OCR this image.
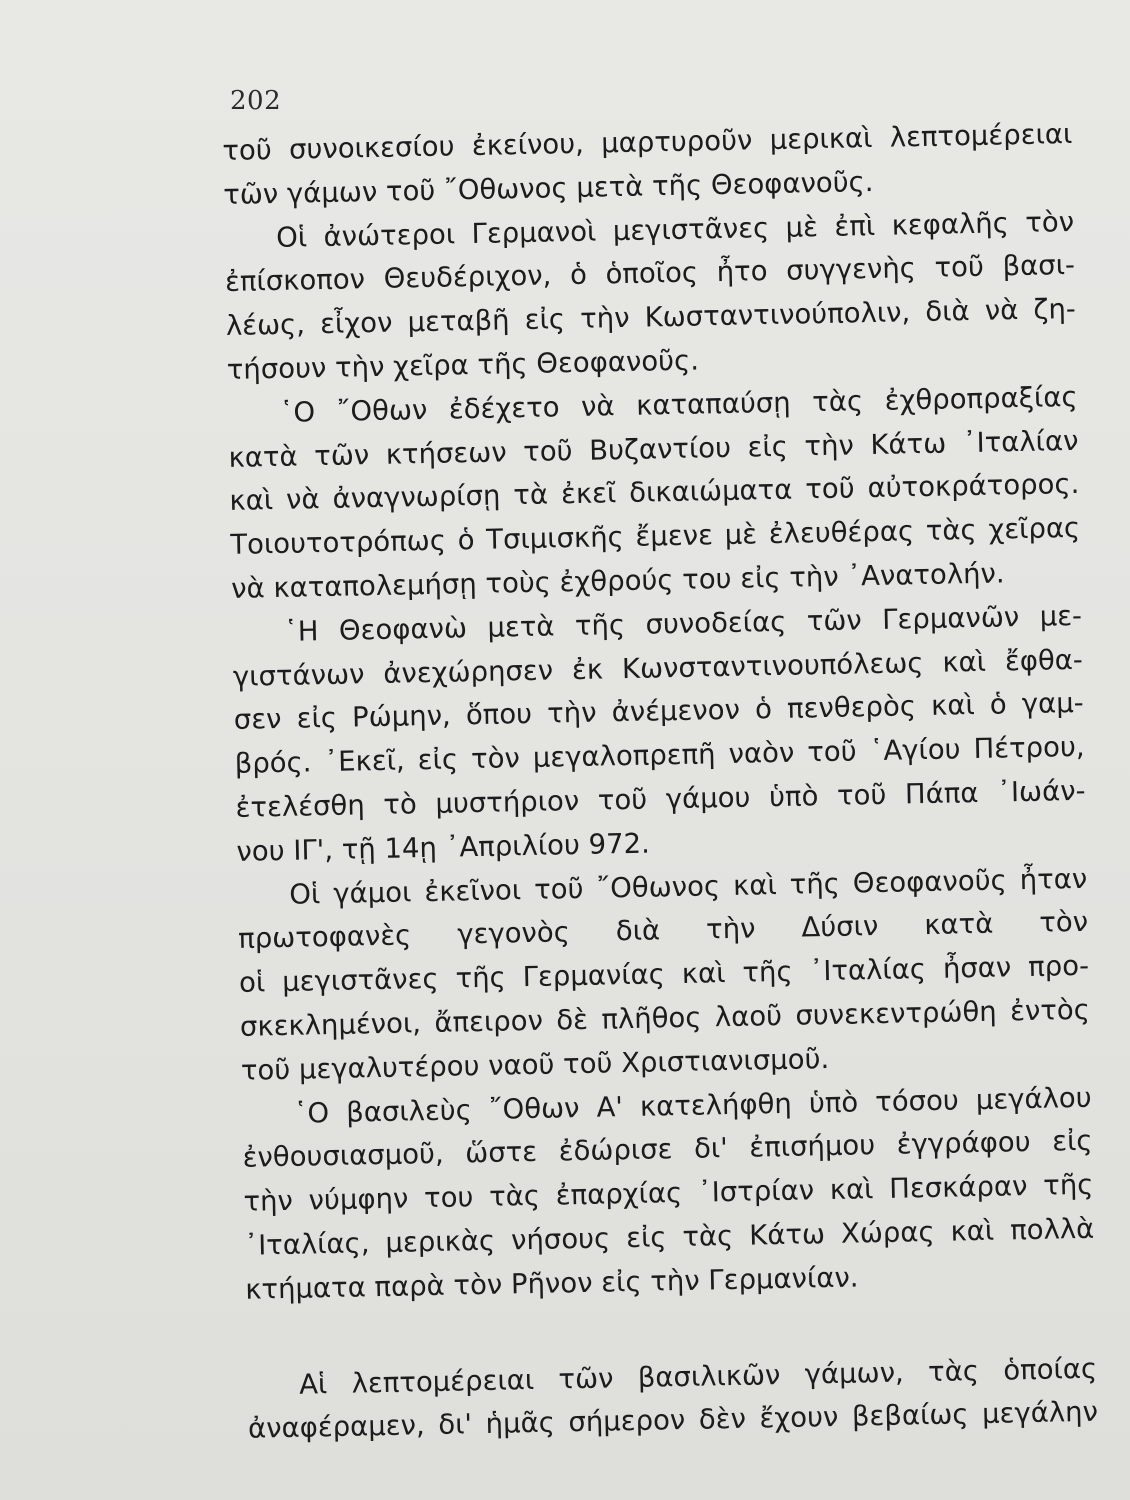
202
τοῦ συνοικεσίου ἐκείνου, μαρτυροῦν μερικαὶ λεπτομέρειαι
τῶν γάμων τοῦ ῎Οθωνος μετὰ τῆς Θεοφανοῦς.
Οἱ ἀνώτεροι Γερμανοὶ μεγιστᾶνες μὲ ἐπὶ κεφαλῆς τὸν
ἐπίσκοπον Θευδέριχον, ὁ ὁποῖος ἦτο συγγενὴς τοῦ βασι-
λέως, εἶχον μεταβῆ εἰς τὴν Κωσταντινούπολιν, διὰ νὰ ζη-
τήσουν τὴν χεῖρα τῆς Θεοφανοῦς.
῾Ο ῎Οθων ἐδέχετο νὰ καταπαύσῃ τὰς ἐχθροπραξίας
κατὰ τῶν κτήσεων τοῦ Βυζαντίου εἰς τὴν Κάτω ᾿Ιταλίαν
καὶ νὰ ἀναγνωρίσῃ τὰ ἐκεῖ δικαιώματα τοῦ αὐτοκράτορος.
Τοιουτοτρόπως ὁ Τσιμισκῆς ἔμενε μὲ ἐλευθέρας τὰς χεῖρας
νὰ καταπολεμήσῃ τοὺς ἐχθρούς του εἰς τὴν ᾿Ανατολήν.
῾Η Θεοφανὼ μετὰ τῆς συνοδείας τῶν Γερμανῶν με-
γιστάνων ἀνεχώρησεν ἐκ Κωνσταντινουπόλεως καὶ ἔφθα-
σεν εἰς Ρώμην, ὅπου τὴν ἀνέμενον ὁ πενθερὸς καὶ ὁ γαμ-
βρός. ᾿Εκεῖ, εἰς τὸν μεγαλοπρεπῆ ναὸν τοῦ ῾Αγίου Πέτρου,
ἐτελέσθη τὸ μυστήριον τοῦ γάμου ὑπὸ τοῦ Πάπα ᾿Ιωάν-
νου ΙΓ', τῇ 14ῃ ᾿Απριλίου 972.
Οἱ γάμοι ἐκεῖνοι τοῦ ῎Οθωνος καὶ τῆς Θεοφανοῦς ἦταν
πρωτοφανὲς γεγονὸς διὰ τὴν Δύσιν κατὰ τὸν
οἱ μεγιστᾶνες τῆς Γερμανίας καὶ τῆς ᾿Ιταλίας ἦσαν προ-
σκεκλημένοι, ἄπειρον δὲ πλῆθος λαοῦ συνεκεντρώθη ἐντὸς
τοῦ μεγαλυτέρου ναοῦ τοῦ Χριστιανισμοῦ.
῾Ο βασιλεὺς ῎Οθων Α' κατελήφθη ὑπὸ τόσου μεγάλου
ἐνθουσιασμοῦ, ὥστε ἐδώρισε δι' ἐπισήμου ἐγγράφου εἰς
τὴν νύμφην του τὰς ἐπαρχίας ᾿Ιστρίαν καὶ Πεσκάραν τῆς
᾿Ιταλίας, μερικὰς νήσους εἰς τὰς Κάτω Χώρας καὶ πολλὰ
κτήματα παρὰ τὸν Ρῆνον εἰς τὴν Γερμανίαν.
Αἱ λεπτομέρειαι τῶν βασιλικῶν γάμων, τὰς ὁποίας
ἀναφέραμεν, δι' ἡμᾶς σήμερον δὲν ἔχουν βεβαίως μεγάλην
